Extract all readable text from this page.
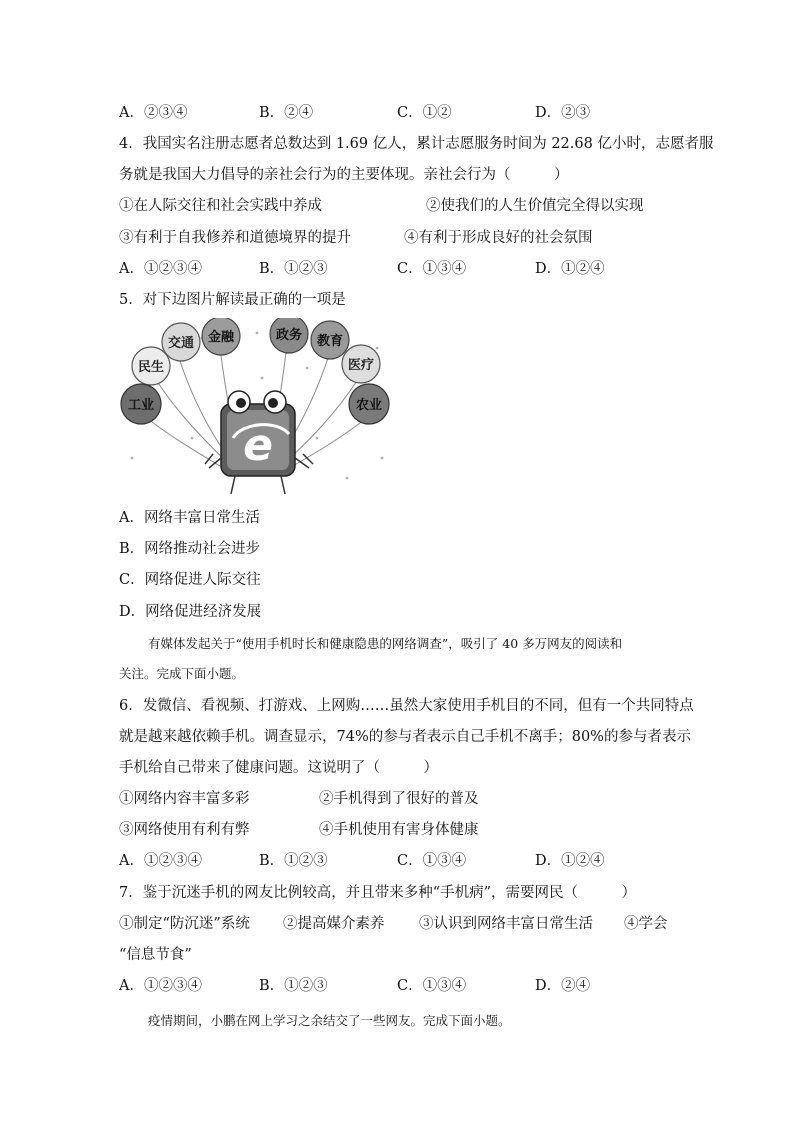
A．②③④	B．②④	C．①②	D．②③
4．我国实名注册志愿者总数达到 1.69 亿人，累计志愿服务时间为 22.68 亿小时，志愿者服
务就是我国大力倡导的亲社会行为的主要体现。亲社会行为（　　　）
①在人际交往和社会实践中养成	②使我们的人生价值完全得以实现
③有利于自我修养和道德境界的提升	④有利于形成良好的社会氛围
A．①②③④	B．①②③	C．①③④	D．①②④
5．对下边图片解读最正确的一项是
交通 金融
民生
工业
政务 教育
医疗
农业
e
A．网络丰富日常生活
B．网络推动社会进步
C．网络促进人际交往
D．网络促进经济发展
有媒体发起关于“使用手机时长和健康隐患的网络调查”，吸引了 40 多万网友的阅读和
关注。完成下面小题。
6．发微信、看视频、打游戏、上网购……虽然大家使用手机目的不同，但有一个共同特点
就是越来越依赖手机。调查显示，74%的参与者表示自己手机不离手；80%的参与者表示
手机给自己带来了健康问题。这说明了（　　　）
①网络内容丰富多彩	②手机得到了很好的普及
③网络使用有利有弊	④手机使用有害身体健康
A．①②③④	B．①②③	C．①③④	D．①②④
7．鉴于沉迷手机的网友比例较高，并且带来多种“手机病”，需要网民（　　　）
①制定“防沉迷”系统 ②提高媒介素养 ③认识到网络丰富日常生活 ④学会
“信息节食”
A．①②③④	B．①②③	C．①③④	D．②④
疫情期间，小鹏在网上学习之余结交了一些网友。完成下面小题。
